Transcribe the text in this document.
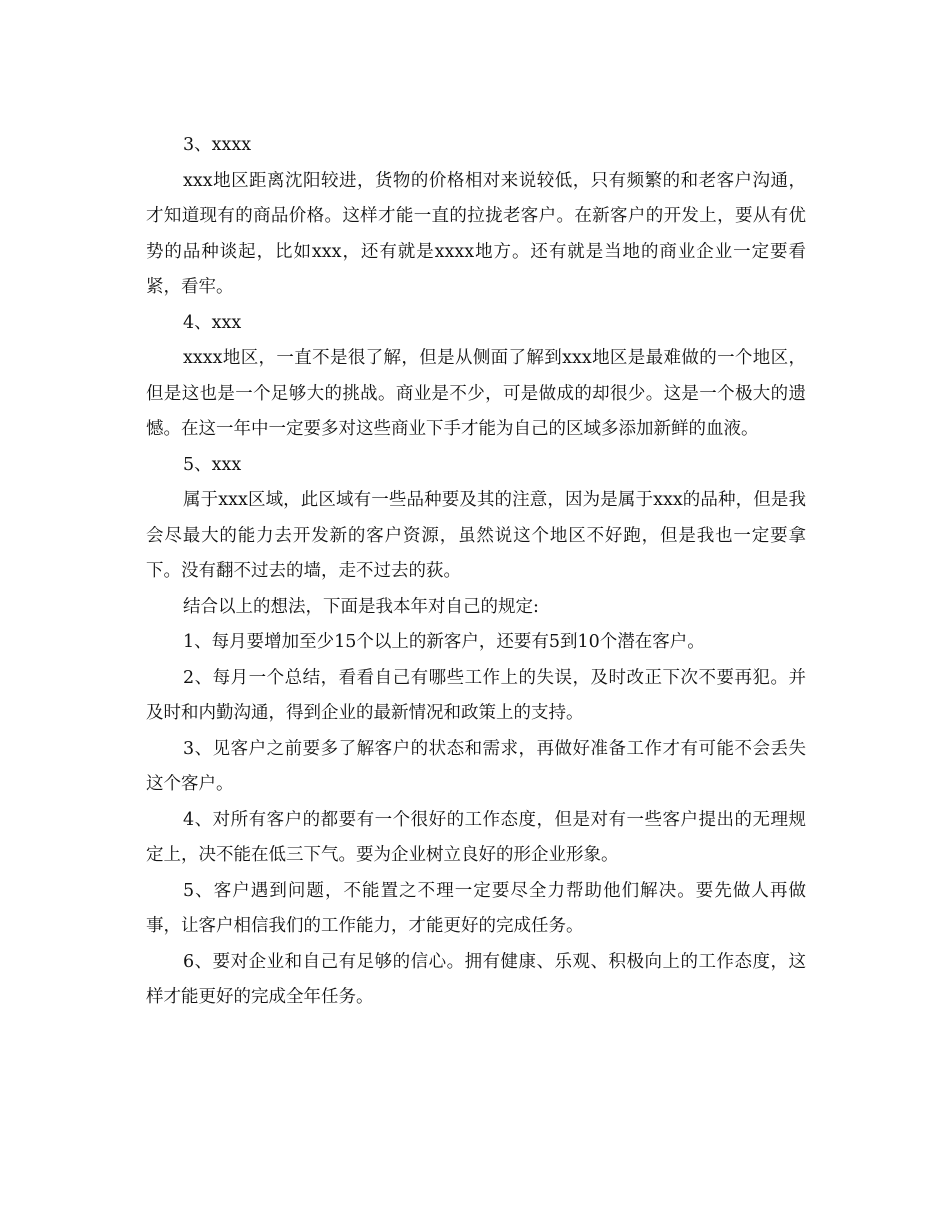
3、xxxx

xxx地区距离沈阳较进，货物的价格相对来说较低，只有频繁的和老客户沟通，才知道现有的商品价格。这样才能一直的拉拢老客户。在新客户的开发上，要从有优势的品种谈起，比如xxx，还有就是xxxx地方。还有就是当地的商业企业一定要看紧，看牢。

4、xxx

xxxx地区，一直不是很了解，但是从侧面了解到xxx地区是最难做的一个地区，但是这也是一个足够大的挑战。商业是不少，可是做成的却很少。这是一个极大的遗憾。在这一年中一定要多对这些商业下手才能为自己的区域多添加新鲜的血液。

5、xxx

属于xxx区域，此区域有一些品种要及其的注意，因为是属于xxx的品种，但是我会尽最大的能力去开发新的客户资源，虽然说这个地区不好跑，但是我也一定要拿下。没有翻不过去的墙，走不过去的荻。

结合以上的想法，下面是我本年对自己的规定:

1、每月要增加至少15个以上的新客户，还要有5到10个潜在客户。

2、每月一个总结，看看自己有哪些工作上的失误，及时改正下次不要再犯。并及时和内勤沟通，得到企业的最新情况和政策上的支持。

3、见客户之前要多了解客户的状态和需求，再做好准备工作才有可能不会丢失这个客户。

4、对所有客户的都要有一个很好的工作态度，但是对有一些客户提出的无理规定上，决不能在低三下气。要为企业树立良好的形企业形象。

5、客户遇到问题，不能置之不理一定要尽全力帮助他们解决。要先做人再做事，让客户相信我们的工作能力，才能更好的完成任务。

6、要对企业和自己有足够的信心。拥有健康、乐观、积极向上的工作态度，这样才能更好的完成全年任务。
